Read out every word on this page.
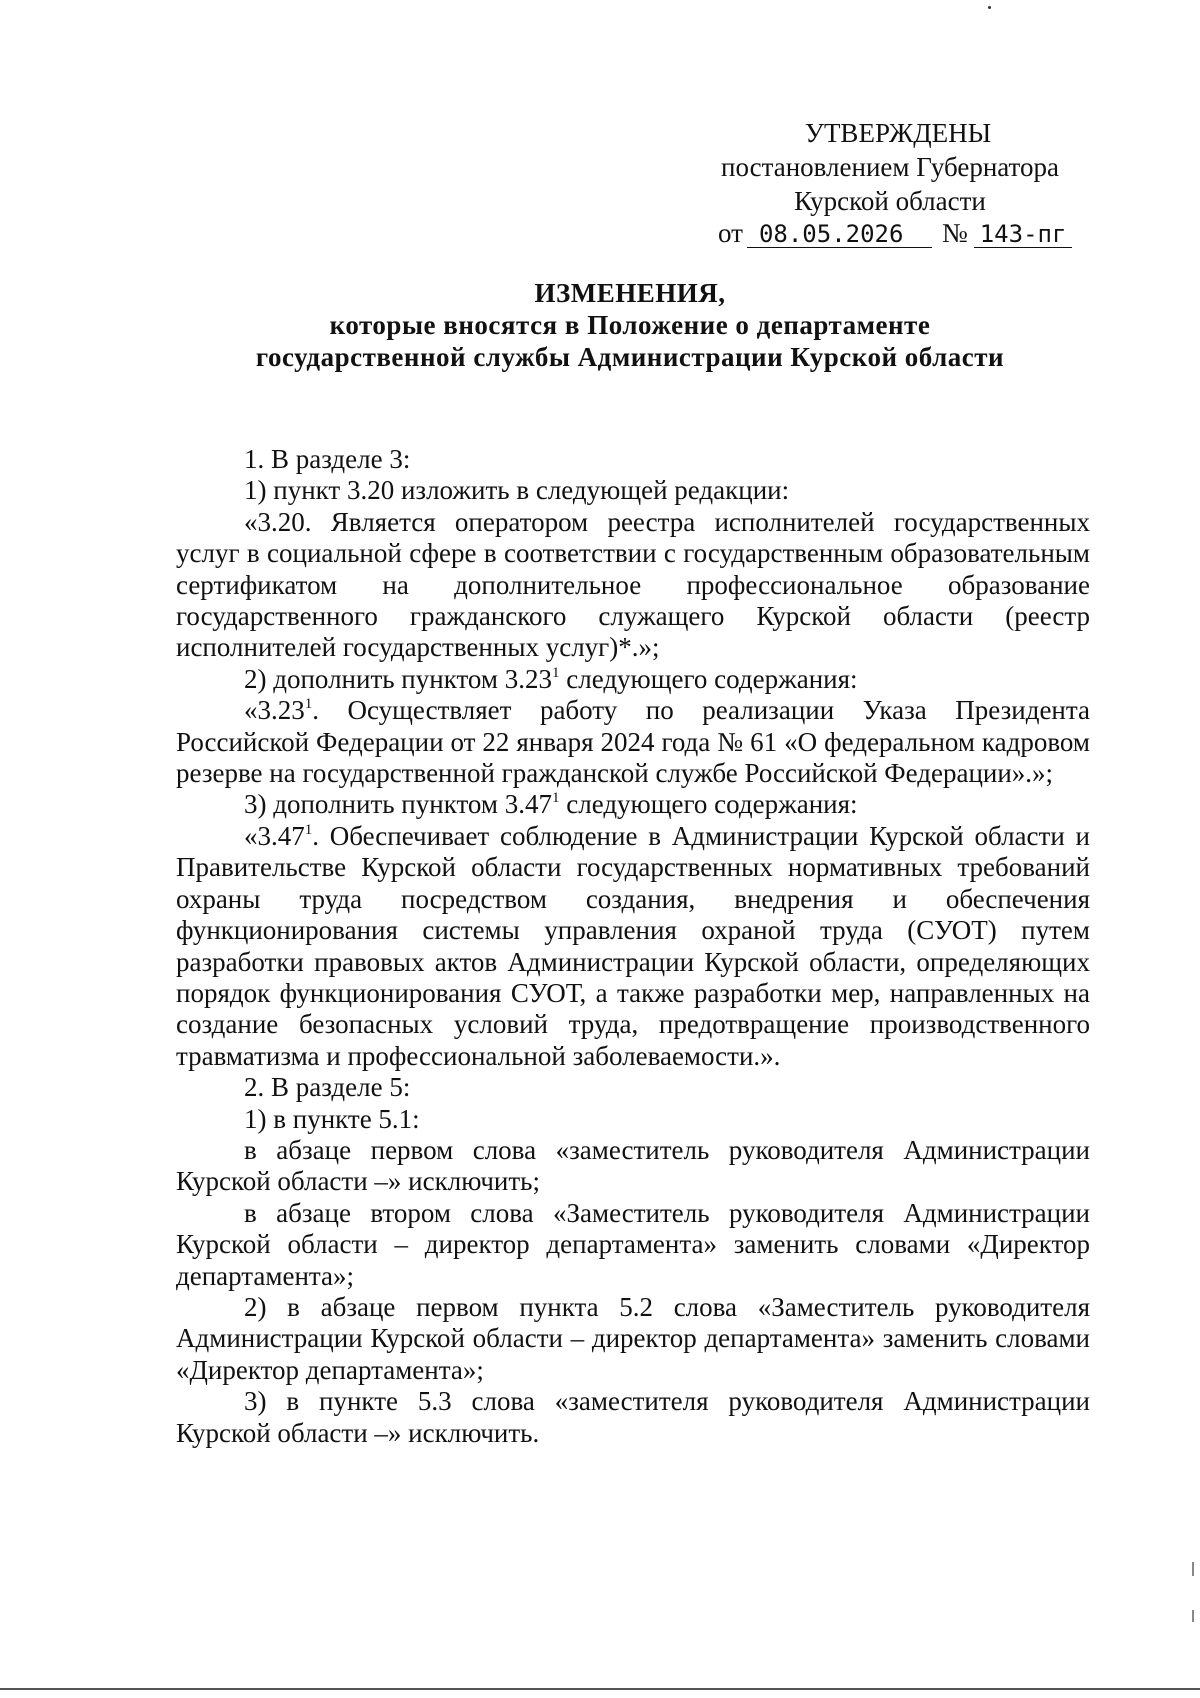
УТВЕРЖДЕНЫ
постановлением Губернатора
Курской области
от 08.05.2026	№ 143-пг
ИЗМЕНЕНИЯ,
которые вносятся в Положение о департаменте
государственной службы Администрации Курской области

1. В разделе 3:

1) пункт 3.20 изложить в следующей редакции:

«3.20. Является оператором реестра исполнителей государственных услуг в социальной сфере в соответствии с государственным образовательным сертификатом на дополнительное профессиональное образование государственного гражданского служащего Курской области (реестр исполнителей государственных услуг)*.»;

2) дополнить пунктом 3.23$^1$ следующего содержания:

«3.23$^1$. Осуществляет работу по реализации Указа Президента Российской Федерации от 22 января 2024 года № 61 «О федеральном кадровом резерве на государственной гражданской службе Российской Федерации».»;

3) дополнить пунктом 3.47$^1$ следующего содержания:

«3.47$^1$. Обеспечивает соблюдение в Администрации Курской области и Правительстве Курской области государственных нормативных требований охраны труда посредством создания, внедрения и обеспечения функционирования системы управления охраной труда (СУОТ) путем разработки правовых актов Администрации Курской области, определяющих порядок функционирования СУОТ, а также разработки мер, направленных на создание безопасных условий труда, предотвращение производственного травматизма и профессиональной заболеваемости.».

2. В разделе 5:

1) в пункте 5.1:

в абзаце первом слова «заместитель руководителя Администрации Курской области –» исключить;

в абзаце втором слова «Заместитель руководителя Администрации Курской области – директор департамента» заменить словами «Директор департамента»;

2) в абзаце первом пункта 5.2 слова «Заместитель руководителя Администрации Курской области – директор департамента» заменить словами «Директор департамента»;

3) в пункте 5.3 слова «заместителя руководителя Администрации Курской области –» исключить.
